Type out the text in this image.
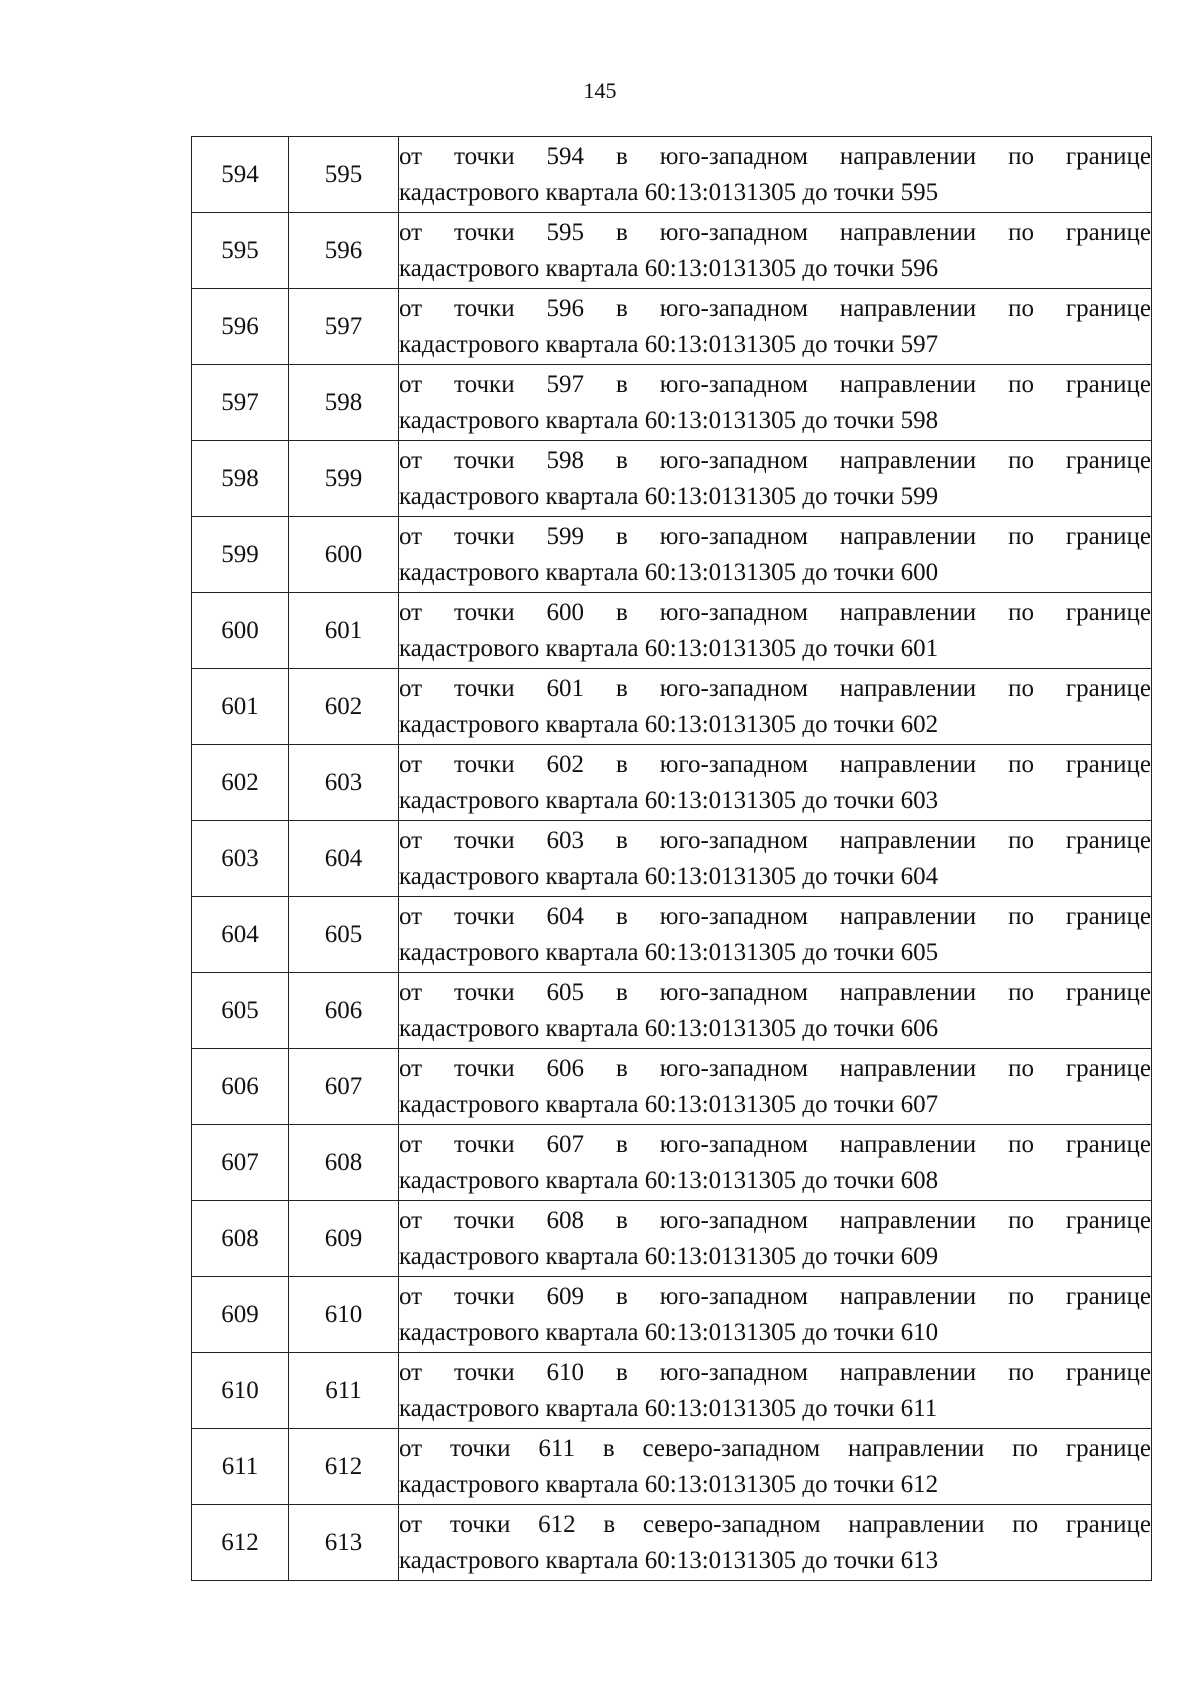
145
594	595	от точки 594 в юго-западном направлении по границе
кадастрового квартала 60:13:0131305 до точки 595

595	596	от точки 595 в юго-западном направлении по границе
кадастрового квартала 60:13:0131305 до точки 596

596	597	от точки 596 в юго-западном направлении по границе
кадастрового квартала 60:13:0131305 до точки 597

597	598	от точки 597 в юго-западном направлении по границе
кадастрового квартала 60:13:0131305 до точки 598

598	599	от точки 598 в юго-западном направлении по границе
кадастрового квартала 60:13:0131305 до точки 599

599	600	от точки 599 в юго-западном направлении по границе
кадастрового квартала 60:13:0131305 до точки 600

600	601	от точки 600 в юго-западном направлении по границе
кадастрового квартала 60:13:0131305 до точки 601

601	602	от точки 601 в юго-западном направлении по границе
кадастрового квартала 60:13:0131305 до точки 602

602	603	от точки 602 в юго-западном направлении по границе
кадастрового квартала 60:13:0131305 до точки 603

603	604	от точки 603 в юго-западном направлении по границе
кадастрового квартала 60:13:0131305 до точки 604

604	605	от точки 604 в юго-западном направлении по границе
кадастрового квартала 60:13:0131305 до точки 605

605	606	от точки 605 в юго-западном направлении по границе
кадастрового квартала 60:13:0131305 до точки 606

606	607	от точки 606 в юго-западном направлении по границе
кадастрового квартала 60:13:0131305 до точки 607

607	608	от точки 607 в юго-западном направлении по границе
кадастрового квартала 60:13:0131305 до точки 608

608	609	от точки 608 в юго-западном направлении по границе
кадастрового квартала 60:13:0131305 до точки 609

609	610	от точки 609 в юго-западном направлении по границе
кадастрового квартала 60:13:0131305 до точки 610

610	611	от точки 610 в юго-западном направлении по границе
кадастрового квартала 60:13:0131305 до точки 611

611	612	от точки 611 в северо-западном направлении по границе
кадастрового квартала 60:13:0131305 до точки 612

612	613	от точки 612 в северо-западном направлении по границе
кадастрового квартала 60:13:0131305 до точки 613
